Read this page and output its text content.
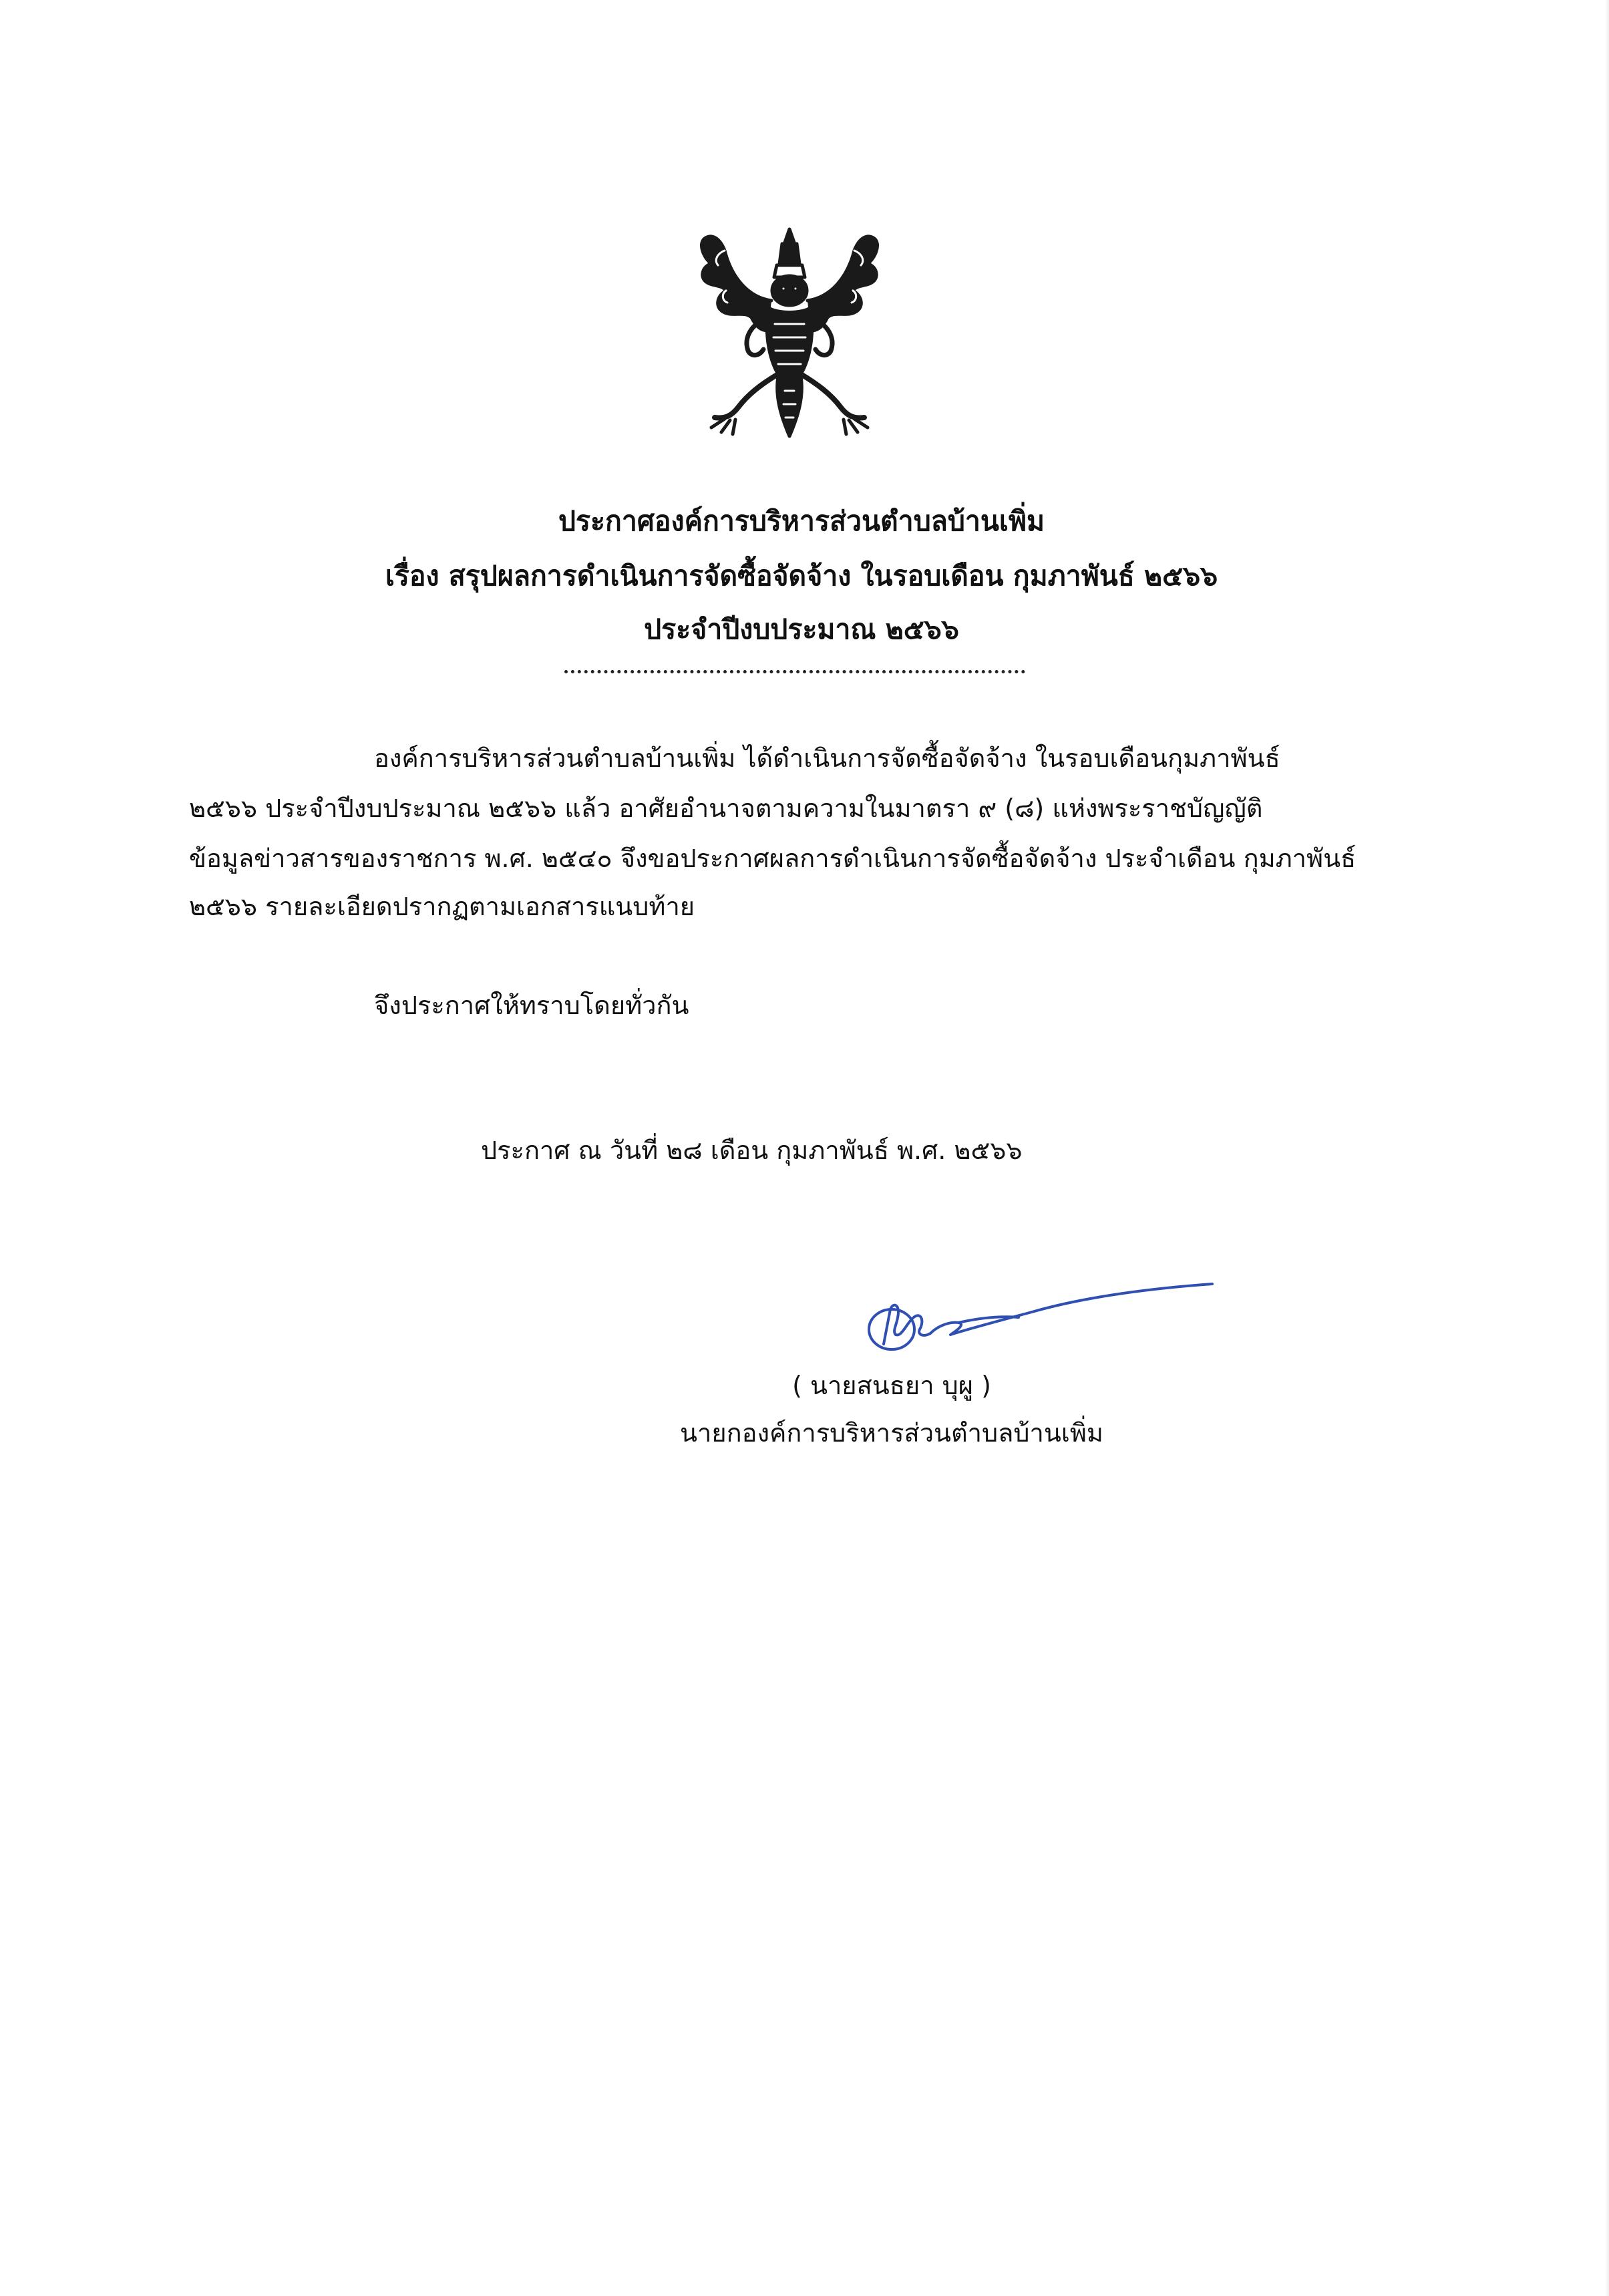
ประกาศองค์การบริหารส่วนตำบลบ้านเพิ่ม
เรื่อง สรุปผลการดำเนินการจัดซื้อจัดจ้าง ในรอบเดือน กุมภาพันธ์ ๒๕๖๖
ประจำปีงบประมาณ ๒๕๖๖
องค์การบริหารส่วนตำบลบ้านเพิ่ม ได้ดำเนินการจัดซื้อจัดจ้าง ในรอบเดือนกุมภาพันธ์
๒๕๖๖ ประจำปีงบประมาณ ๒๕๖๖ แล้ว อาศัยอำนาจตามความในมาตรา ๙ (๘) แห่งพระราชบัญญัติ
ข้อมูลข่าวสารของราชการ พ.ศ. ๒๕๔๐ จึงขอประกาศผลการดำเนินการจัดซื้อจัดจ้าง ประจำเดือน กุมภาพันธ์
๒๕๖๖ รายละเอียดปรากฏตามเอกสารแนบท้าย
จึงประกาศให้ทราบโดยทั่วกัน
ประกาศ ณ วันที่ ๒๘ เดือน กุมภาพันธ์ พ.ศ. ๒๕๖๖
( นายสนธยา บุผู )
นายกองค์การบริหารส่วนตำบลบ้านเพิ่ม
